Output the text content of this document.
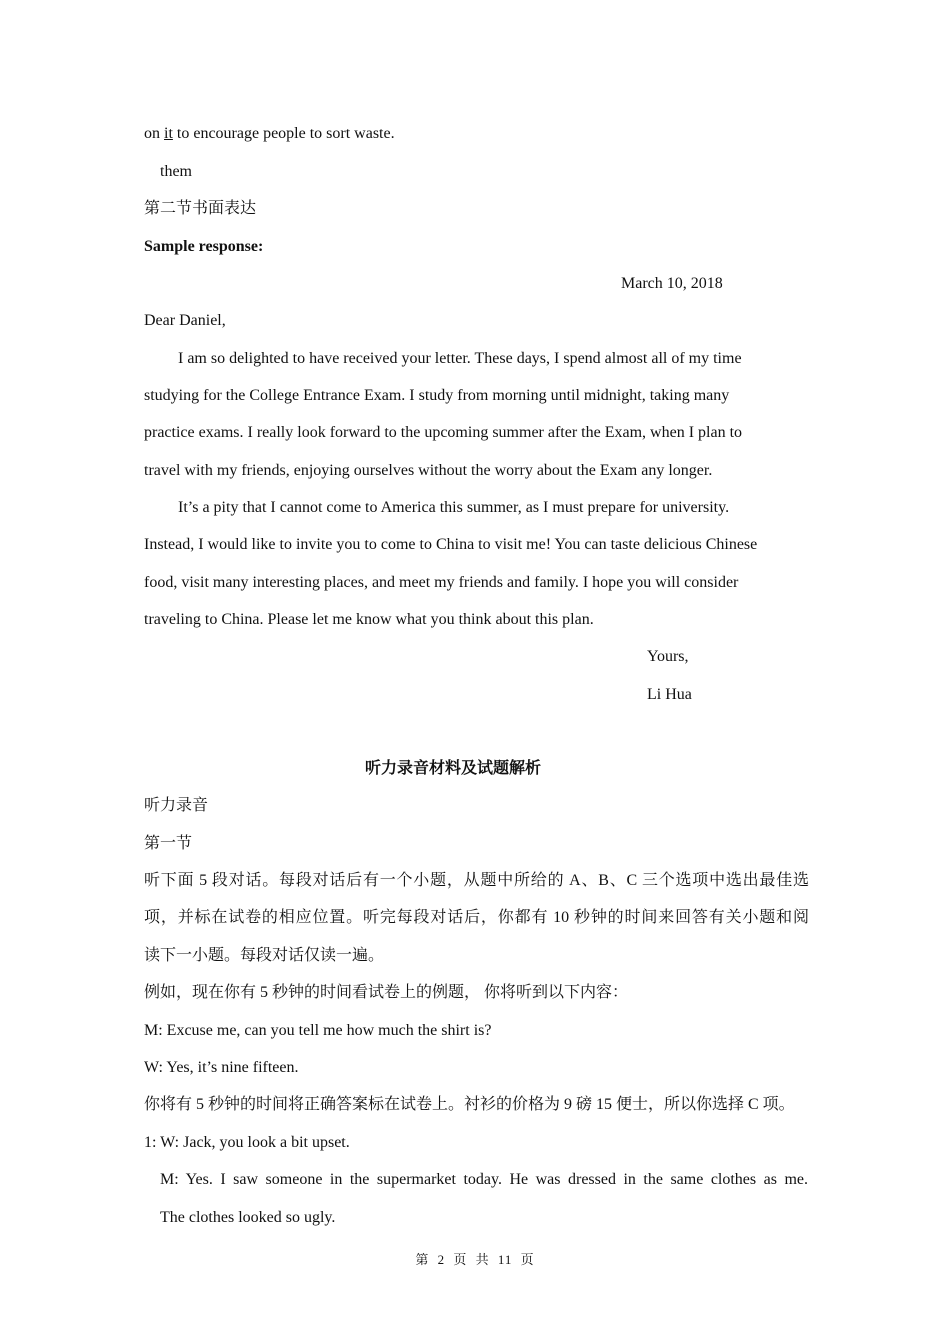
on it to encourage people to sort waste.
them
第二节书面表达
Sample response:
March 10, 2018
Dear Daniel,
I am so delighted to have received your letter. These days, I spend almost all of my time
studying for the College Entrance Exam. I study from morning until midnight, taking many
practice exams. I really look forward to the upcoming summer after the Exam, when I plan to
travel with my friends, enjoying ourselves without the worry about the Exam any longer.
It’s a pity that I cannot come to America this summer, as I must prepare for university.
Instead, I would like to invite you to come to China to visit me! You can taste delicious Chinese
food, visit many interesting places, and meet my friends and family. I hope you will consider
traveling to China. Please let me know what you think about this plan.
Yours,
Li Hua
听力录音材料及试题解析
听力录音
第一节
听下面 5 段对话。每段对话后有一个小题，从题中所给的 A、B、C 三个选项中选出最佳选
项，并标在试卷的相应位置。听完每段对话后，你都有 10 秒钟的时间来回答有关小题和阅
读下一小题。每段对话仅读一遍。
例如，现在你有 5 秒钟的时间看试卷上的例题， 你将听到以下内容：
M: Excuse me, can you tell me how much the shirt is?
W: Yes, it’s nine fifteen.
你将有 5 秒钟的时间将正确答案标在试卷上。衬衫的价格为 9 磅 15 便士，所以你选择 C 项。
1: W: Jack, you look a bit upset.
M: Yes. I saw someone in the supermarket today. He was dressed in the same clothes as me.
The clothes looked so ugly.
第 2 页 共 11 页
